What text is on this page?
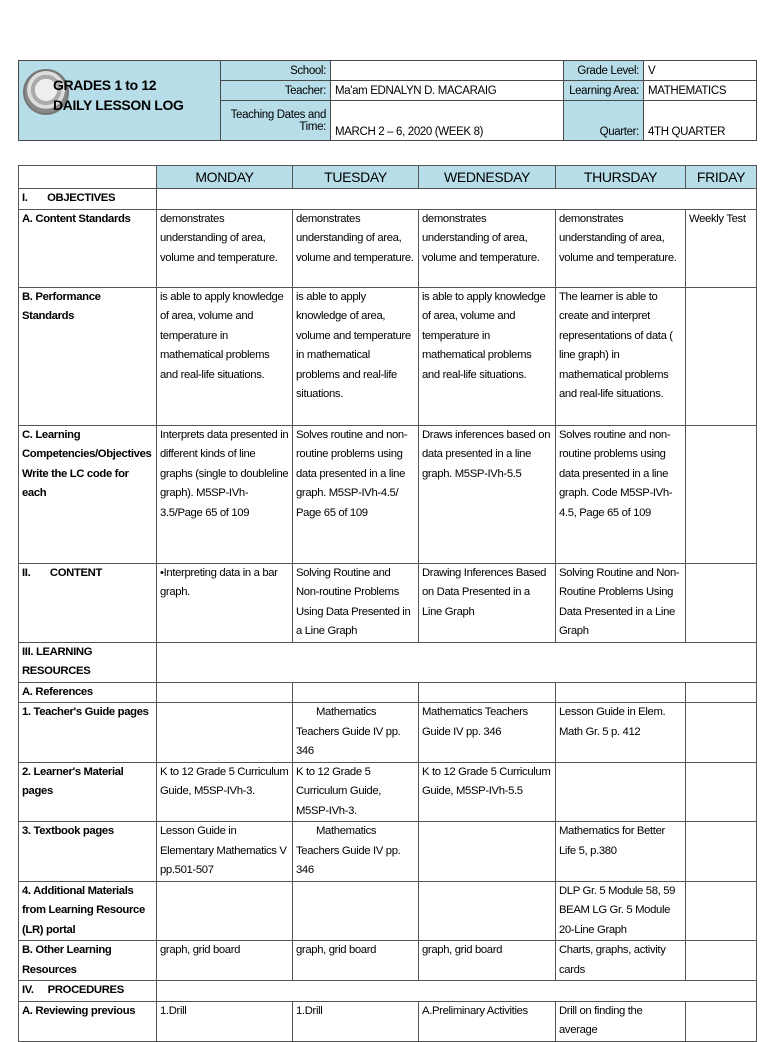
GRADES 1 to 12
DAILY LESSON LOG	School:		Grade Level:	V
	Teacher:	Ma'am EDNALYN D. MACARAIG	Learning Area:	MATHEMATICS
	Teaching Dates and	MARCH 2 – 6, 2020 (WEEK 8)	Quarter:	4TH QUARTER
	Time:			
	MONDAY	TUESDAY	WEDNESDAY	THURSDAY	FRIDAY
I.       OBJECTIVES					
A. Content Standards	demonstrates understanding of area, volume and temperature.	demonstrates understanding of area, volume and temperature.	demonstrates understanding of area, volume and temperature.	demonstrates understanding of area, volume and temperature.	Weekly Test
B. Performance Standards	is able to apply knowledge of area, volume and temperature in mathematical problems and real-life situations.	is able to apply knowledge of area, volume and temperature in mathematical problems and real-life situations.	is able to apply knowledge of area, volume and temperature in mathematical problems and real-life situations.	The learner is able to create and interpret representations of data ( line graph) in mathematical problems and real-life situations.	
C. Learning Competencies/Objectives Write the LC code for each	Interprets data presented in different kinds of line graphs (single to doubleline graph). M5SP-IVh-3.5/Page 65 of 109	Solves routine and non-routine problems using data presented in a line graph. M5SP-IVh-4.5/ Page 65 of 109	Draws inferences based on data presented in a line graph. M5SP-IVh-5.5	Solves routine and non-routine problems using data presented in a line graph. Code M5SP-IVh-4.5, Page 65 of 109	
II.       CONTENT	•Interpreting data in a bar graph.	Solving Routine and Non-routine Problems Using Data Presented in a Line Graph	Drawing Inferences Based on Data Presented in a Line Graph	Solving Routine and Non-Routine Problems Using Data Presented in a Line Graph	
III. LEARNING RESOURCES					
A. References					
1. Teacher's Guide pages		Mathematics Teachers Guide IV pp. 346	Mathematics Teachers Guide IV pp. 346	Lesson Guide in Elem. Math Gr. 5 p. 412	
2. Learner's Material pages	K to 12 Grade 5 Curriculum Guide, M5SP-IVh-3.	K to 12 Grade 5 Curriculum Guide, M5SP-IVh-3.	K to 12 Grade 5 Curriculum Guide, M5SP-IVh-5.5		
3. Textbook pages	Lesson Guide in Elementary Mathematics V pp.501-507	Mathematics Teachers Guide IV pp. 346		Mathematics for Better Life 5, p.380	
4. Additional Materials from Learning Resource (LR) portal				DLP Gr. 5 Module 58, 59 BEAM LG Gr. 5 Module 20-Line Graph	
B. Other Learning Resources	graph, grid board	graph, grid board	graph, grid board	Charts, graphs, activity cards	
IV.     PROCEDURES					
A. Reviewing previous	1.Drill	1.Drill	A.Preliminary Activities	Drill on finding the average	
